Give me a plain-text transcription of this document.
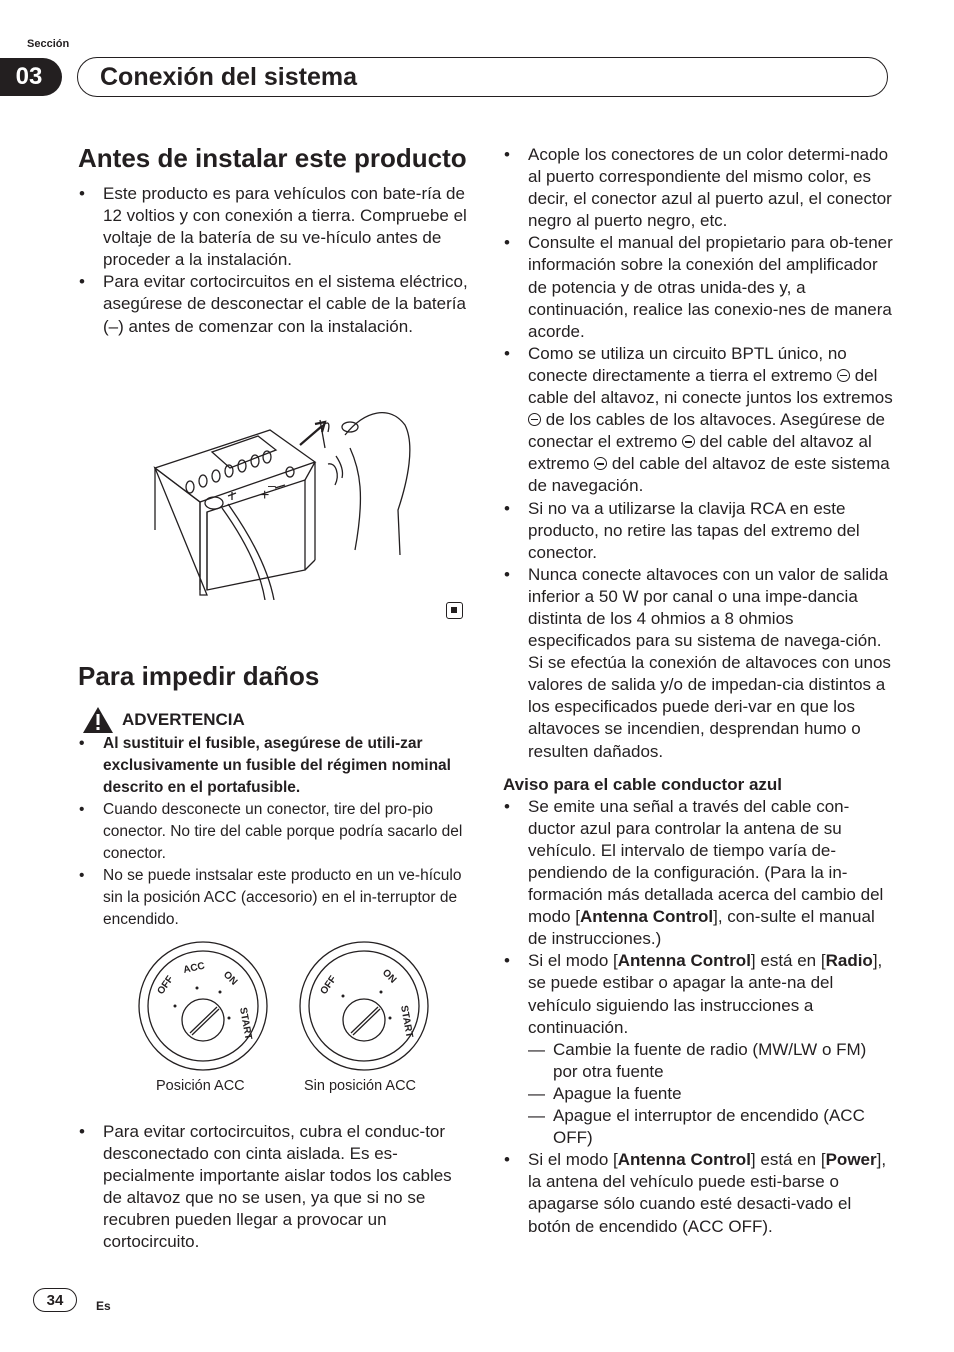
Sección
03	Conexión del sistema
Antes de instalar este producto
• Este producto es para vehículos con bate-ría de 12 voltios y con conexión a tierra. Compruebe el voltaje de la batería de su ve-hículo antes de proceder a la instalación.
• Para evitar cortocircuitos en el sistema eléctrico, asegúrese de desconectar el cable de la batería (–) antes de comenzar con la instalación.
+
–
Para impedir daños
ADVERTENCIA
• Al sustituir el fusible, asegúrese de utili-zar exclusivamente un fusible del régimen nominal descrito en el portafusible.
• Cuando desconecte un conector, tire del pro-pio conector. No tire del cable porque podría sacarlo del conector.
• No se puede instsalar este producto en un ve-hículo sin la posición ACC (accesorio) en el in-terruptor de encendido.
OFF
ACC
ON
START
OFF	ON
START
Posición ACC	Sin posición ACC
• Para evitar cortocircuitos, cubra el conduc-tor desconectado con cinta aislada. Es es-pecialmente importante aislar todos los cables de altavoz que no se usen, ya que si no se recubren pueden llegar a provocar un cortocircuito.
• Acople los conectores de un color determi-nado al puerto correspondiente del mismo color, es decir, el conector azul al puerto azul, el conector negro al puerto negro, etc.
• Consulte el manual del propietario para ob-tener información sobre la conexión del amplificador de potencia y de otras unida-des y, a continuación, realice las conexio-nes de manera acorde.
• Como se utiliza un circuito BPTL único, no conecte directamente a tierra el extremo del cable del altavoz, ni conecte juntos los extremos  de los cables de los altavoces. Asegúrese de conectar el extremo del cable del altavoz al extremo del cable del altavoz de este sistema de navegación.
• Si no va a utilizarse la clavija RCA en este producto, no retire las tapas del extremo del conector.
• Nunca conecte altavoces con un valor de salida inferior a 50 W por canal o una impe-dancia distinta de los 4 ohmios a 8 ohmios especificados para su sistema de navega-ción. Si se efectúa la conexión de altavoces con unos valores de salida y/o de impedan-cia distintos a los especificados puede deri-var en que los altavoces se incendien, desprendan humo o resulten dañados.
Aviso para el cable conductor azul
• Se emite una señal a través del cable con-ductor azul para controlar la antena de su vehículo. El intervalo de tiempo varía de-pendiendo de la configuración. (Para la in-formación más detallada acerca del cambio del modo [Antenna Control], con-sulte el manual de instrucciones.)
• Si el modo [Antenna Control] está en [Radio], se puede estibar o apagar la ante-na del vehículo siguiendo las instrucciones a continuación.
— Cambie la fuente de radio (MW/LW o FM) por otra fuente
— Apague la fuente
— Apague el interruptor de encendido (ACC OFF)
• Si el modo [Antenna Control] está en [Power], la antena del vehículo puede esti-barse o apagarse sólo cuando esté desacti-vado el botón de encendido (ACC OFF).
34	Es
